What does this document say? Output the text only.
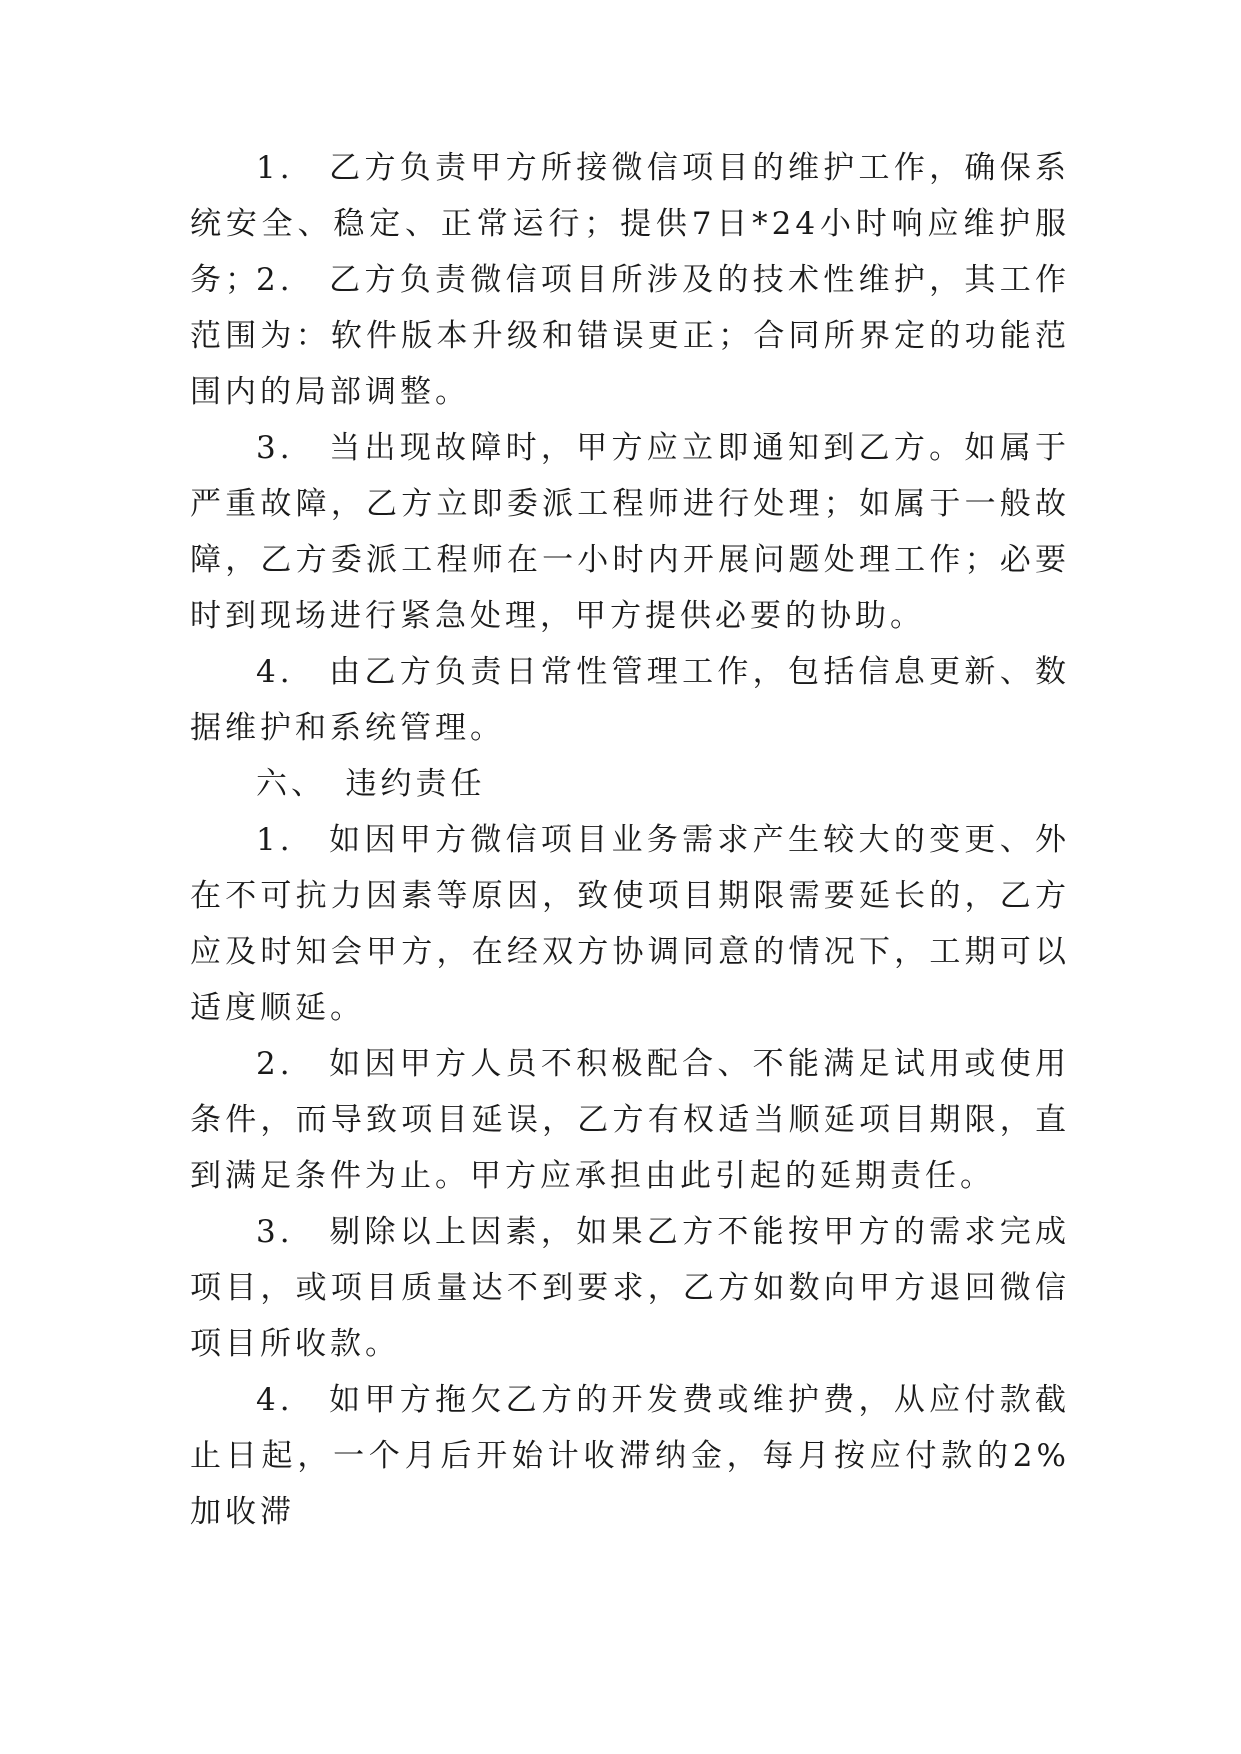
1.　乙方负责甲方所接微信项目的维护工作，确保系统安全、稳定、正常运行；提供7日*24小时响应维护服务；

2.　乙方负责微信项目所涉及的技术性维护，其工作范围为：软件版本升级和错误更正；合同所界定的功能范围内的局部调整。

3.　当出现故障时，甲方应立即通知到乙方。如属于严重故障，乙方立即委派工程师进行处理；如属于一般故障，乙方委派工程师在一小时内开展问题处理工作；必要时到现场进行紧急处理，甲方提供必要的协助。

4.　由乙方负责日常性管理工作，包括信息更新、数据维护和系统管理。

六、　违约责任

1.　如因甲方微信项目业务需求产生较大的变更、外在不可抗力因素等原因，致使项目期限需要延长的，乙方应及时知会甲方，在经双方协调同意的情况下，工期可以适度顺延。

2.　如因甲方人员不积极配合、不能满足试用或使用条件，而导致项目延误，乙方有权适当顺延项目期限，直到满足条件为止。甲方应承担由此引起的延期责任。

3.　剔除以上因素，如果乙方不能按甲方的需求完成项目，或项目质量达不到要求，乙方如数向甲方退回微信项目所收款。

4.　如甲方拖欠乙方的开发费或维护费，从应付款截止日起，一个月后开始计收滞纳金，每月按应付款的2%加收滞
